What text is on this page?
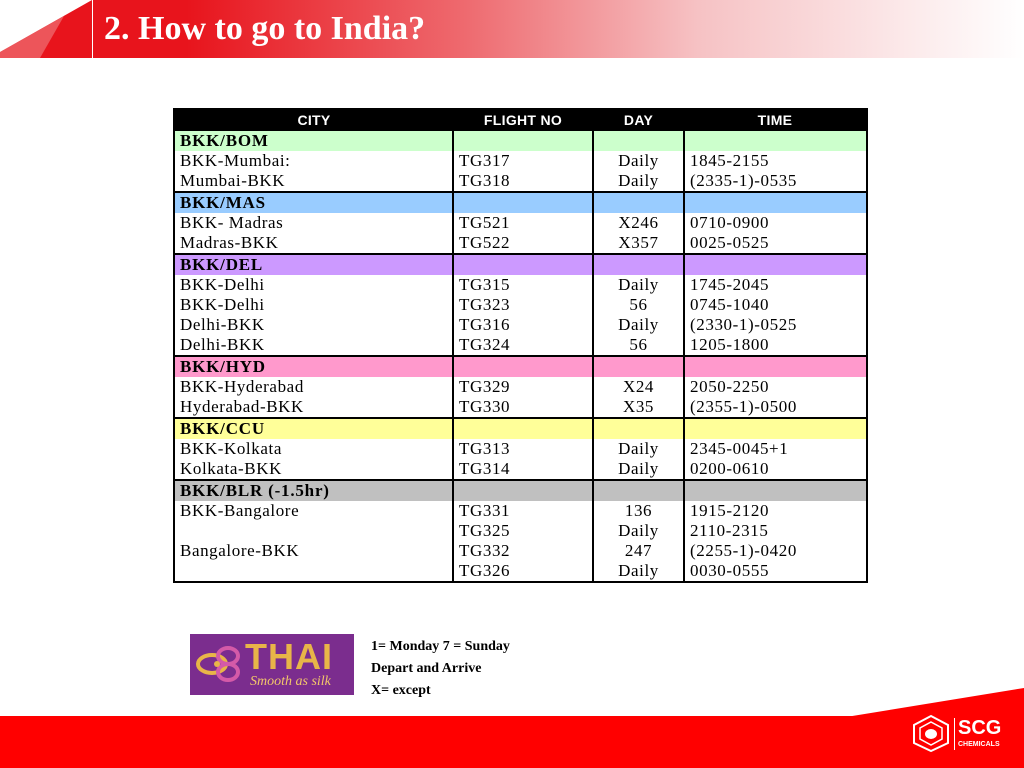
2. How to go to India?
CITY	FLIGHT NO	DAY	TIME
BKK/BOM			
BKK-Mumbai:	TG317	Daily	1845-2155
Mumbai-BKK	TG318	Daily	(2335-1)-0535
BKK/MAS			
BKK- Madras	TG521	X246	0710-0900
Madras-BKK	TG522	X357	0025-0525
BKK/DEL			
BKK-Delhi	TG315	Daily	1745-2045
BKK-Delhi	TG323	56	0745-1040
Delhi-BKK	TG316	Daily	(2330-1)-0525
Delhi-BKK	TG324	56	1205-1800
BKK/HYD			
BKK-Hyderabad	TG329	X24	2050-2250
Hyderabad-BKK	TG330	X35	(2355-1)-0500
BKK/CCU			
BKK-Kolkata	TG313	Daily	2345-0045+1
Kolkata-BKK	TG314	Daily	0200-0610
BKK/BLR (-1.5hr)			
BKK-Bangalore	TG331	136	1915-2120
	TG325	Daily	2110-2315
Bangalore-BKK	TG332	247	(2255-1)-0420
	TG326	Daily	0030-0555
THAI
Smooth as silk
1= Monday 7 = Sunday
Depart and Arrive
X= except
SCG
CHEMICALS
